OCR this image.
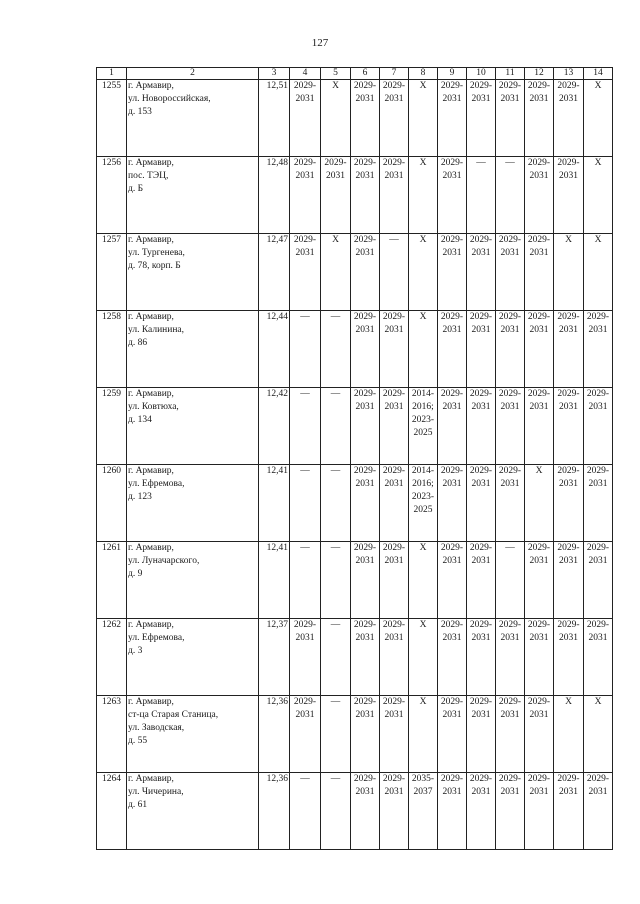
127
1	2	3	4	5	6	7	8	9	10	11	12	13	14
1255	г. Армавир,
ул. Новороссийская,
д. 153	12,51	2029-
2031	Х	2029-
2031	2029-
2031	Х	2029-
2031	2029-
2031	2029-
2031	2029-
2031	2029-
2031	Х

1256	г. Армавир,
пос. ТЭЦ,
д. Б	12,48	2029-
2031	2029-
2031	2029-
2031	2029-
2031	Х	2029-
2031	—	—	2029-
2031	2029-
2031	Х

1257	г. Армавир,
ул. Тургенева,
д. 78, корп. Б	12,47	2029-
2031	Х	2029-
2031	—	Х	2029-
2031	2029-
2031	2029-
2031	2029-
2031	Х	Х

1258	г. Армавир,
ул. Калинина,
д. 86	12,44	—	—	2029-
2031	2029-
2031	Х	2029-
2031	2029-
2031	2029-
2031	2029-
2031	2029-
2031	2029-
2031

1259	г. Армавир,
ул. Ковтюха,
д. 134	12,42	—	—	2029-
2031	2029-
2031	2014-
2016;
2023-
2025	2029-
2031	2029-
2031	2029-
2031	2029-
2031	2029-
2031	2029-
2031

1260	г. Армавир,
ул. Ефремова,
д. 123	12,41	—	—	2029-
2031	2029-
2031	2014-
2016;
2023-
2025	2029-
2031	2029-
2031	2029-
2031	Х	2029-
2031	2029-
2031

1261	г. Армавир,
ул. Луначарского,
д. 9	12,41	—	—	2029-
2031	2029-
2031	Х	2029-
2031	2029-
2031	—	2029-
2031	2029-
2031	2029-
2031

1262	г. Армавир,
ул. Ефремова,
д. 3	12,37	2029-
2031	—	2029-
2031	2029-
2031	Х	2029-
2031	2029-
2031	2029-
2031	2029-
2031	2029-
2031	2029-
2031

1263	г. Армавир,
ст-ца Старая Станица,
ул. Заводская,
д. 55	12,36	2029-
2031	—	2029-
2031	2029-
2031	Х	2029-
2031	2029-
2031	2029-
2031	2029-
2031	Х	Х

1264	г. Армавир,
ул. Чичерина,
д. 61	12,36	—	—	2029-
2031	2029-
2031	2035-
2037	2029-
2031	2029-
2031	2029-
2031	2029-
2031	2029-
2031	2029-
2031
